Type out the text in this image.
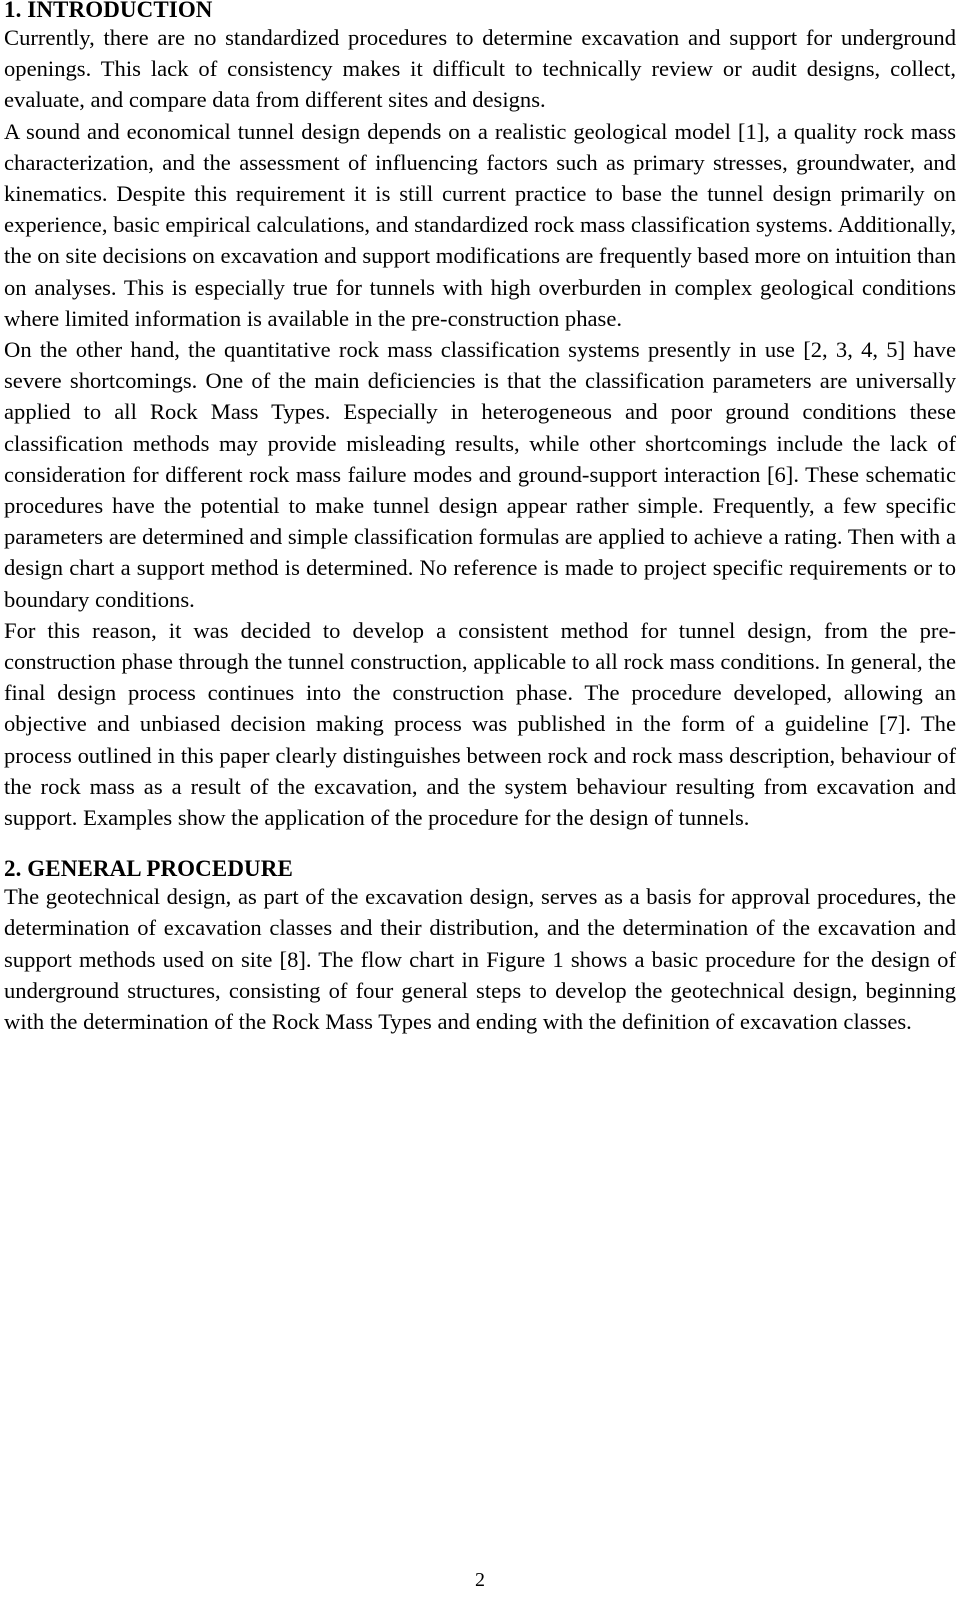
1. INTRODUCTION

Currently, there are no standardized procedures to determine excavation and support for underground openings. This lack of consistency makes it difficult to technically review or audit designs, collect, evaluate, and compare data from different sites and designs.

A sound and economical tunnel design depends on a realistic geological model [1], a quality rock mass characterization, and the assessment of influencing factors such as primary stresses, groundwater, and kinematics. Despite this requirement it is still current practice to base the tunnel design primarily on experience, basic empirical calculations, and standardized rock mass classification systems. Additionally, the on site decisions on excavation and support modifications are frequently based more on intuition than on analyses. This is especially true for tunnels with high overburden in complex geological conditions where limited information is available in the pre-construction phase.

On the other hand, the quantitative rock mass classification systems presently in use [2, 3, 4, 5] have severe shortcomings. One of the main deficiencies is that the classification parameters are universally applied to all Rock Mass Types. Especially in heterogeneous and poor ground conditions these classification methods may provide misleading results, while other shortcomings include the lack of consideration for different rock mass failure modes and ground-support interaction [6]. These schematic procedures have the potential to make tunnel design appear rather simple. Frequently, a few specific parameters are determined and simple classification formulas are applied to achieve a rating. Then with a design chart a support method is determined. No reference is made to project specific requirements or to boundary conditions.

For this reason, it was decided to develop a consistent method for tunnel design, from the pre-construction phase through the tunnel construction, applicable to all rock mass conditions. In general, the final design process continues into the construction phase. The procedure developed, allowing an objective and unbiased decision making process was published in the form of a guideline [7]. The process outlined in this paper clearly distinguishes between rock and rock mass description, behaviour of the rock mass as a result of the excavation, and the system behaviour resulting from excavation and support. Examples show the application of the procedure for the design of tunnels.

2. GENERAL PROCEDURE

The geotechnical design, as part of the excavation design, serves as a basis for approval procedures, the determination of excavation classes and their distribution, and the determination of the excavation and support methods used on site [8]. The flow chart in Figure 1 shows a basic procedure for the design of underground structures, consisting of four general steps to develop the geotechnical design, beginning with the determination of the Rock Mass Types and ending with the definition of excavation classes.

2
